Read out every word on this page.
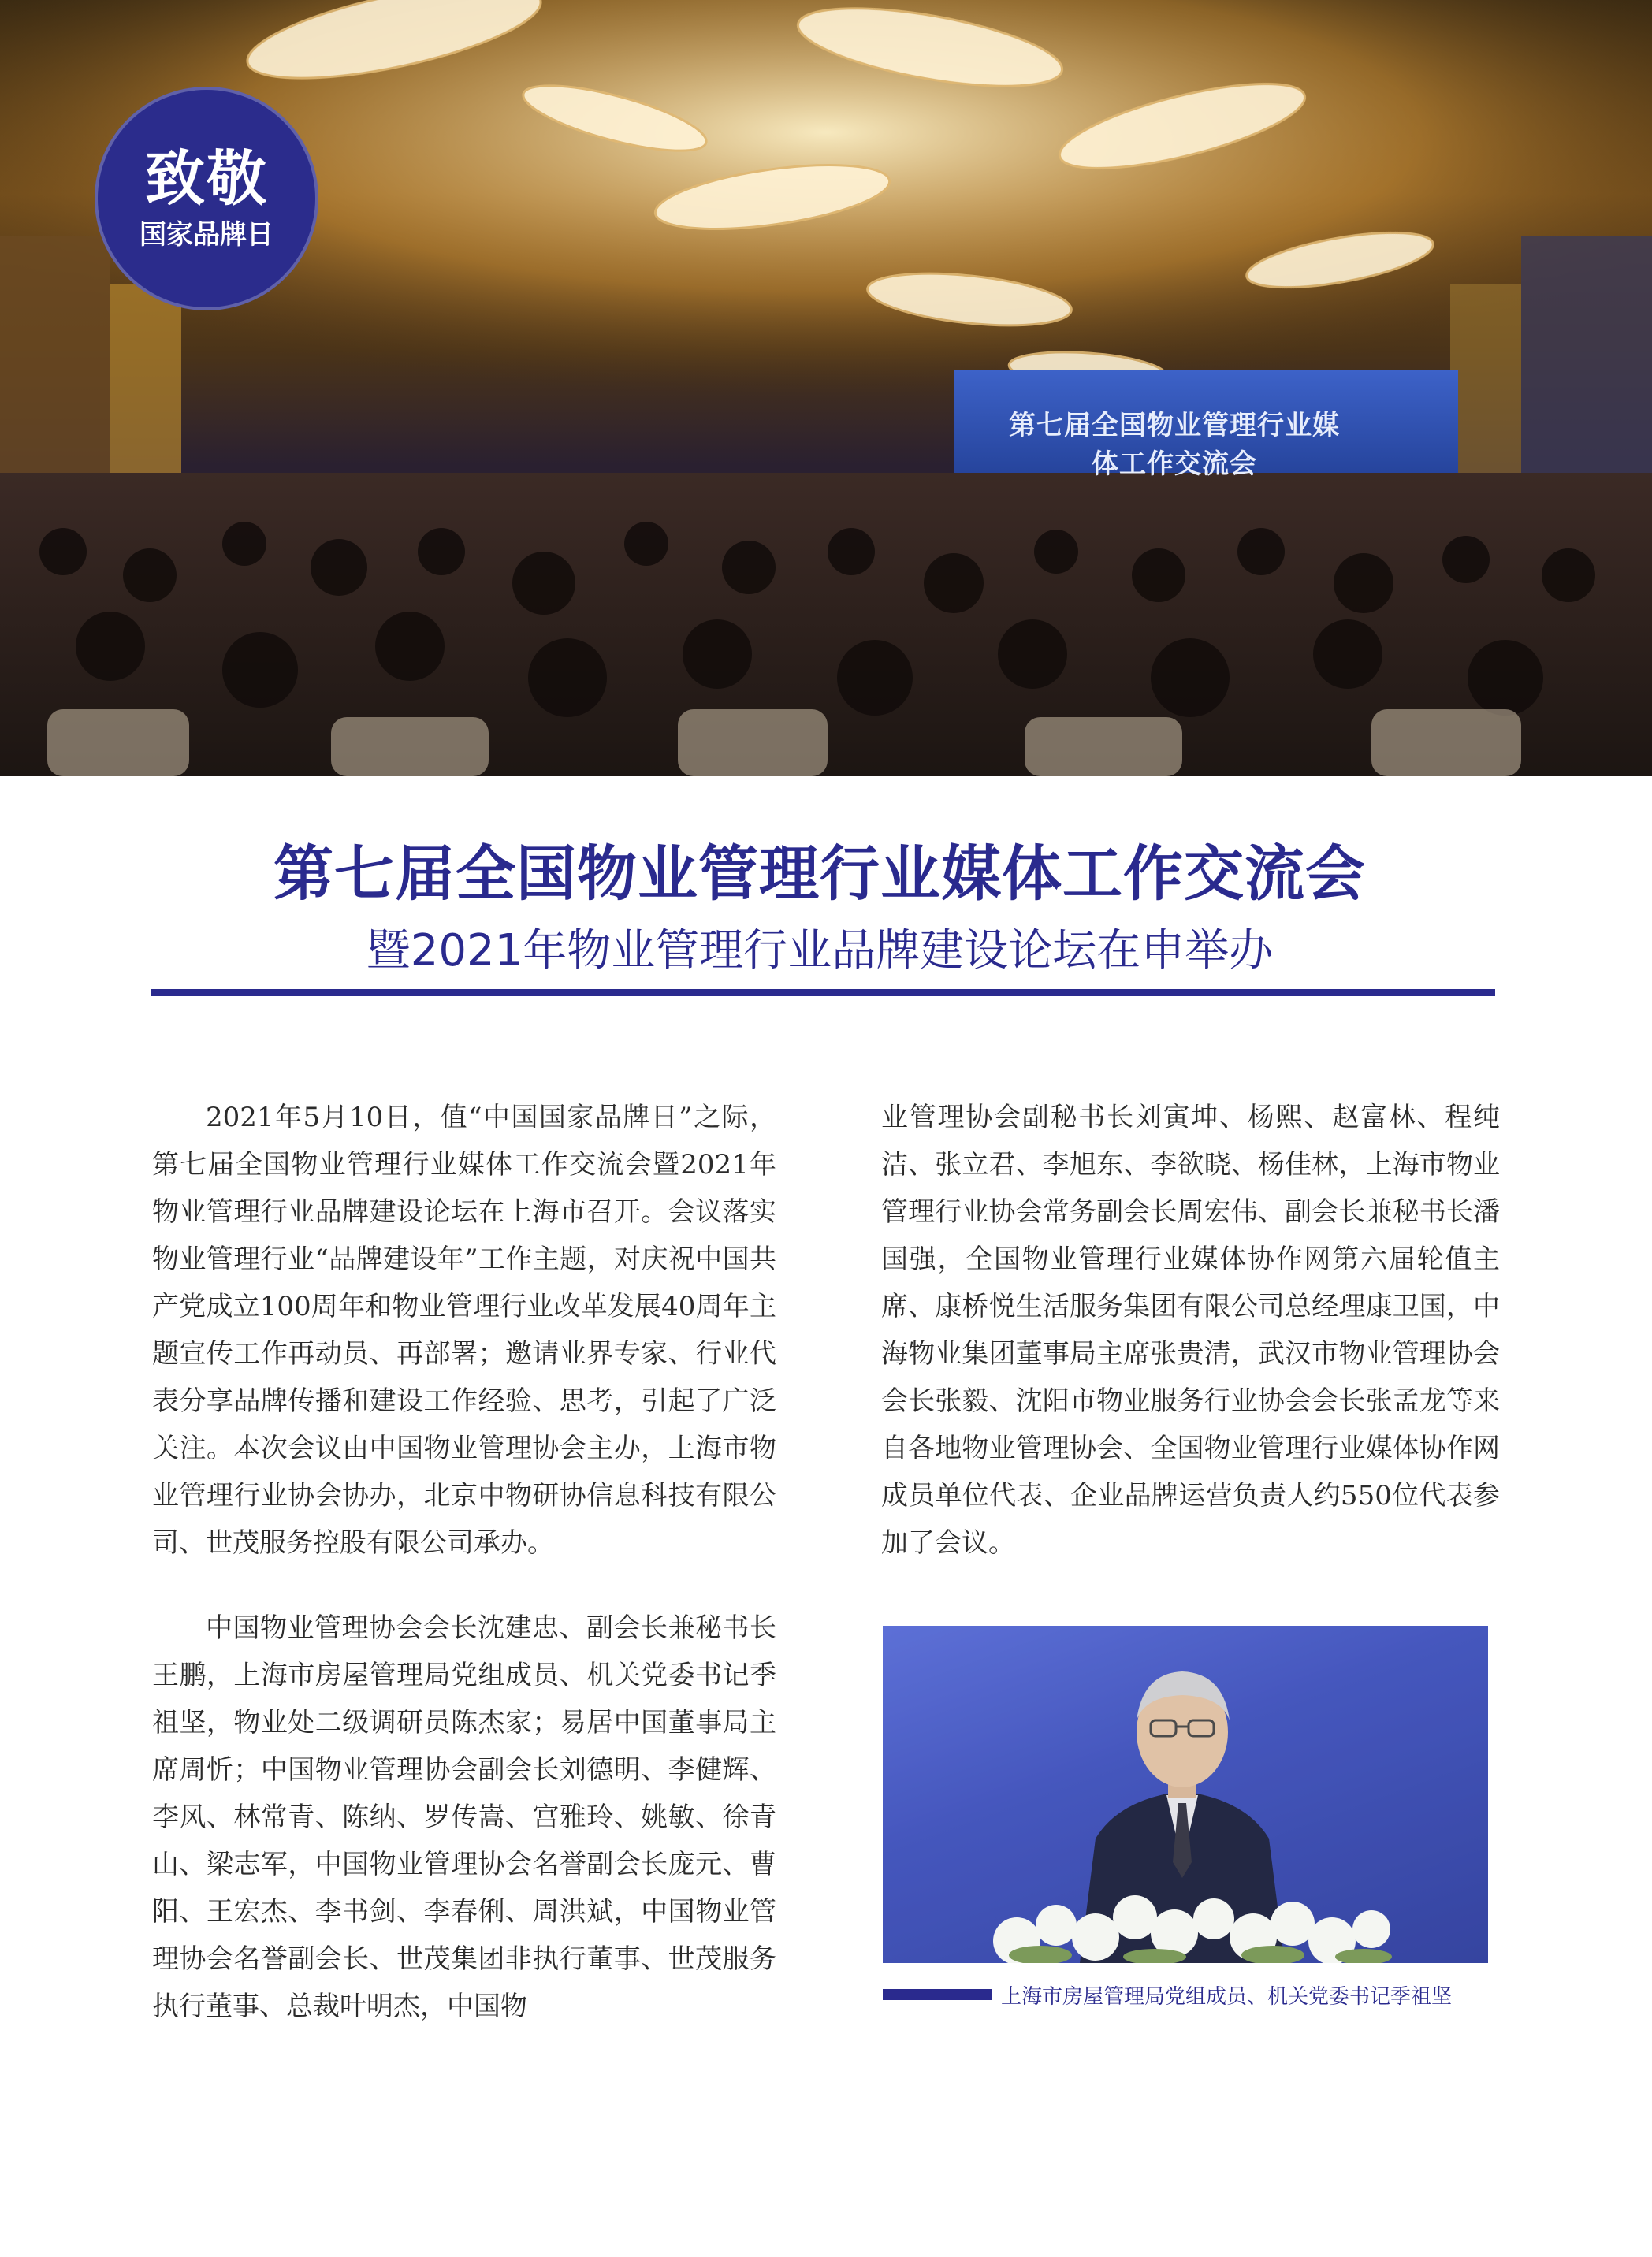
第七届全国物业管理行业媒体工作交流会
致敬
国家品牌日
第七届全国物业管理行业媒体工作交流会
暨2021年物业管理行业品牌建设论坛在申举办

2021年5月10日，值“中国国家品牌日”之际，第七届全国物业管理行业媒体工作交流会暨2021年物业管理行业品牌建设论坛在上海市召开。会议落实物业管理行业“品牌建设年”工作主题，对庆祝中国共产党成立100周年和物业管理行业改革发展40周年主题宣传工作再动员、再部署；邀请业界专家、行业代表分享品牌传播和建设工作经验、思考，引起了广泛关注。本次会议由中国物业管理协会主办，上海市物业管理行业协会协办，北京中物研协信息科技有限公司、世茂服务控股有限公司承办。

中国物业管理协会会长沈建忠、副会长兼秘书长王鹏，上海市房屋管理局党组成员、机关党委书记季祖坚，物业处二级调研员陈杰家；易居中国董事局主席周忻；中国物业管理协会副会长刘德明、李健辉、李风、林常青、陈纳、罗传嵩、宫雅玲、姚敏、徐青山、梁志军，中国物业管理协会名誉副会长庞元、曹阳、王宏杰、李书剑、李春俐、周洪斌，中国物业管理协会名誉副会长、世茂集团非执行董事、世茂服务执行董事、总裁叶明杰，中国物

业管理协会副秘书长刘寅坤、杨熙、赵富林、程纯洁、张立君、李旭东、李欲晓、杨佳林，上海市物业管理行业协会常务副会长周宏伟、副会长兼秘书长潘国强，全国物业管理行业媒体协作网第六届轮值主席、康桥悦生活服务集团有限公司总经理康卫国，中海物业集团董事局主席张贵清，武汉市物业管理协会会长张毅、沈阳市物业服务行业协会会长张孟龙等来自各地物业管理协会、全国物业管理行业媒体协作网成员单位代表、企业品牌运营负责人约550位代表参加了会议。

上海市房屋管理局党组成员、机关党委书记季祖坚
